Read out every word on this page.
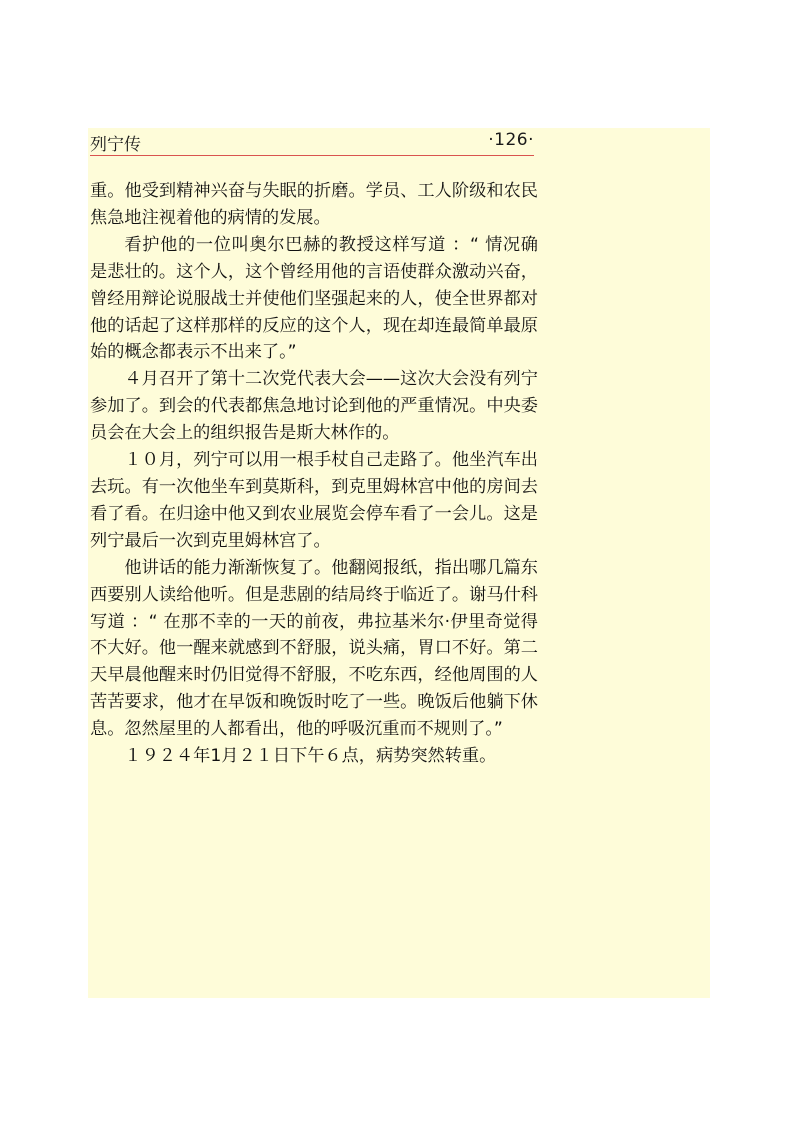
列宁传	·126·

重。他受到精神兴奋与失眠的折磨。学员、工人阶级和农民焦急地注视着他的病情的发展。

看护他的一位叫奥尔巴赫的教授这样写道 ：“ 情况确是悲壮的。这个人，这个曾经用他的言语使群众激动兴奋，曾经用辩论说服战士并使他们坚强起来的人，使全世界都对他的话起了这样那样的反应的这个人，现在却连最简单最原始的概念都表示不出来了。”

４月召开了第十二次党代表大会——这次大会没有列宁参加了。到会的代表都焦急地讨论到他的严重情况。中央委员会在大会上的组织报告是斯大林作的。

１０月，列宁可以用一根手杖自己走路了。他坐汽车出去玩。有一次他坐车到莫斯科，到克里姆林宫中他的房间去看了看。在归途中他又到农业展览会停车看了一会儿。这是列宁最后一次到克里姆林宫了。

他讲话的能力渐渐恢复了。他翻阅报纸，指出哪几篇东西要别人读给他听。但是悲剧的结局终于临近了。谢马什科写道 ：“ 在那不幸的一天的前夜，弗拉基米尔·伊里奇觉得不大好。他一醒来就感到不舒服，说头痛，胃口不好。第二天早晨他醒来时仍旧觉得不舒服，不吃东西，经他周围的人苦苦要求，他才在早饭和晚饭时吃了一些。晚饭后他躺下休息。忽然屋里的人都看出，他的呼吸沉重而不规则了。”

１９２４年1月２１日下午６点，病势突然转重。
